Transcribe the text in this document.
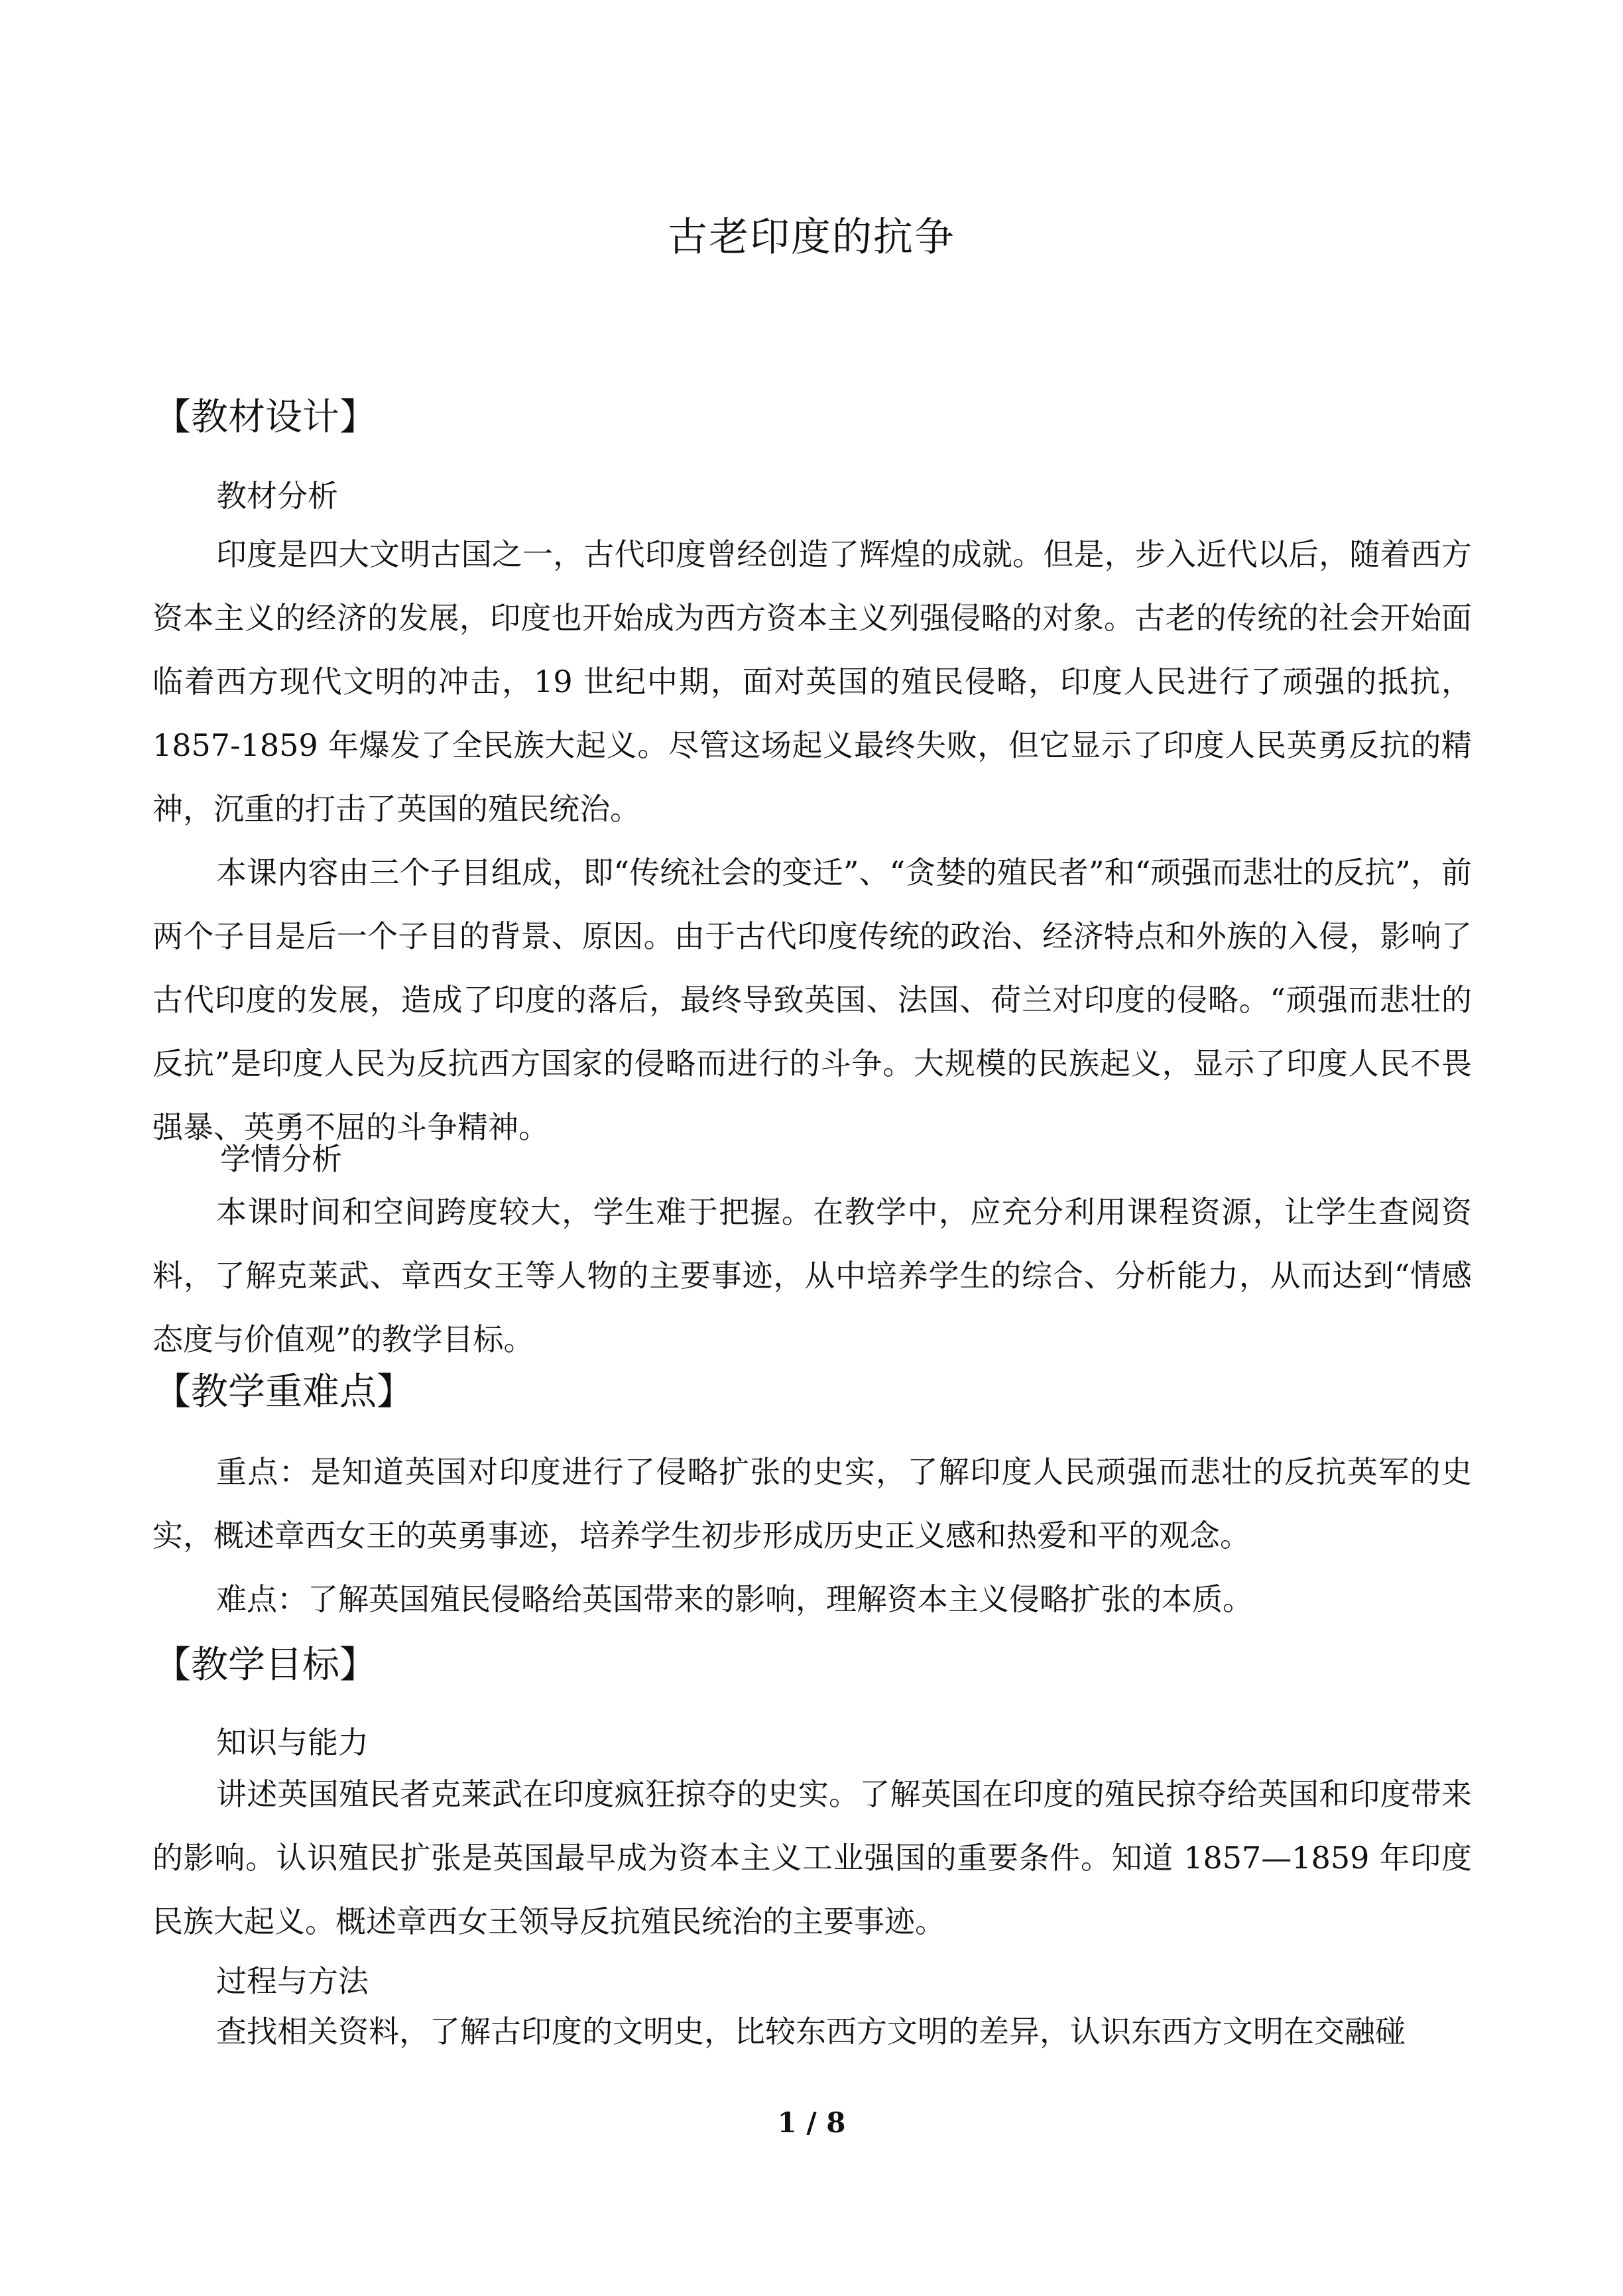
古老印度的抗争
【教材设计】
教材分析

印度是四大文明古国之一，古代印度曾经创造了辉煌的成就。但是，步入近代以后，随着西方资本主义的经济的发展，印度也开始成为西方资本主义列强侵略的对象。古老的传统的社会开始面临着西方现代文明的冲击，19 世纪中期，面对英国的殖民侵略，印度人民进行了顽强的抵抗，1857-1859 年爆发了全民族大起义。尽管这场起义最终失败，但它显示了印度人民英勇反抗的精神，沉重的打击了英国的殖民统治。

本课内容由三个子目组成，即“传统社会的变迁”、“贪婪的殖民者”和“顽强而悲壮的反抗”，前两个子目是后一个子目的背景、原因。由于古代印度传统的政治、经济特点和外族的入侵，影响了古代印度的发展，造成了印度的落后，最终导致英国、法国、荷兰对印度的侵略。“顽强而悲壮的反抗”是印度人民为反抗西方国家的侵略而进行的斗争。大规模的民族起义，显示了印度人民不畏强暴、英勇不屈的斗争精神。

学情分析

本课时间和空间跨度较大，学生难于把握。在教学中，应充分利用课程资源，让学生查阅资料，了解克莱武、章西女王等人物的主要事迹，从中培养学生的综合、分析能力，从而达到“情感态度与价值观”的教学目标。

【教学重难点】

重点：是知道英国对印度进行了侵略扩张的史实，了解印度人民顽强而悲壮的反抗英军的史实，概述章西女王的英勇事迹，培养学生初步形成历史正义感和热爱和平的观念。

难点：了解英国殖民侵略给英国带来的影响，理解资本主义侵略扩张的本质。

【教学目标】
知识与能力

讲述英国殖民者克莱武在印度疯狂掠夺的史实。了解英国在印度的殖民掠夺给英国和印度带来的影响。认识殖民扩张是英国最早成为资本主义工业强国的重要条件。知道 1857—1859 年印度民族大起义。概述章西女王领导反抗殖民统治的主要事迹。

过程与方法

查找相关资料，了解古印度的文明史，比较东西方文明的差异，认识东西方文明在交融碰

1 / 8
